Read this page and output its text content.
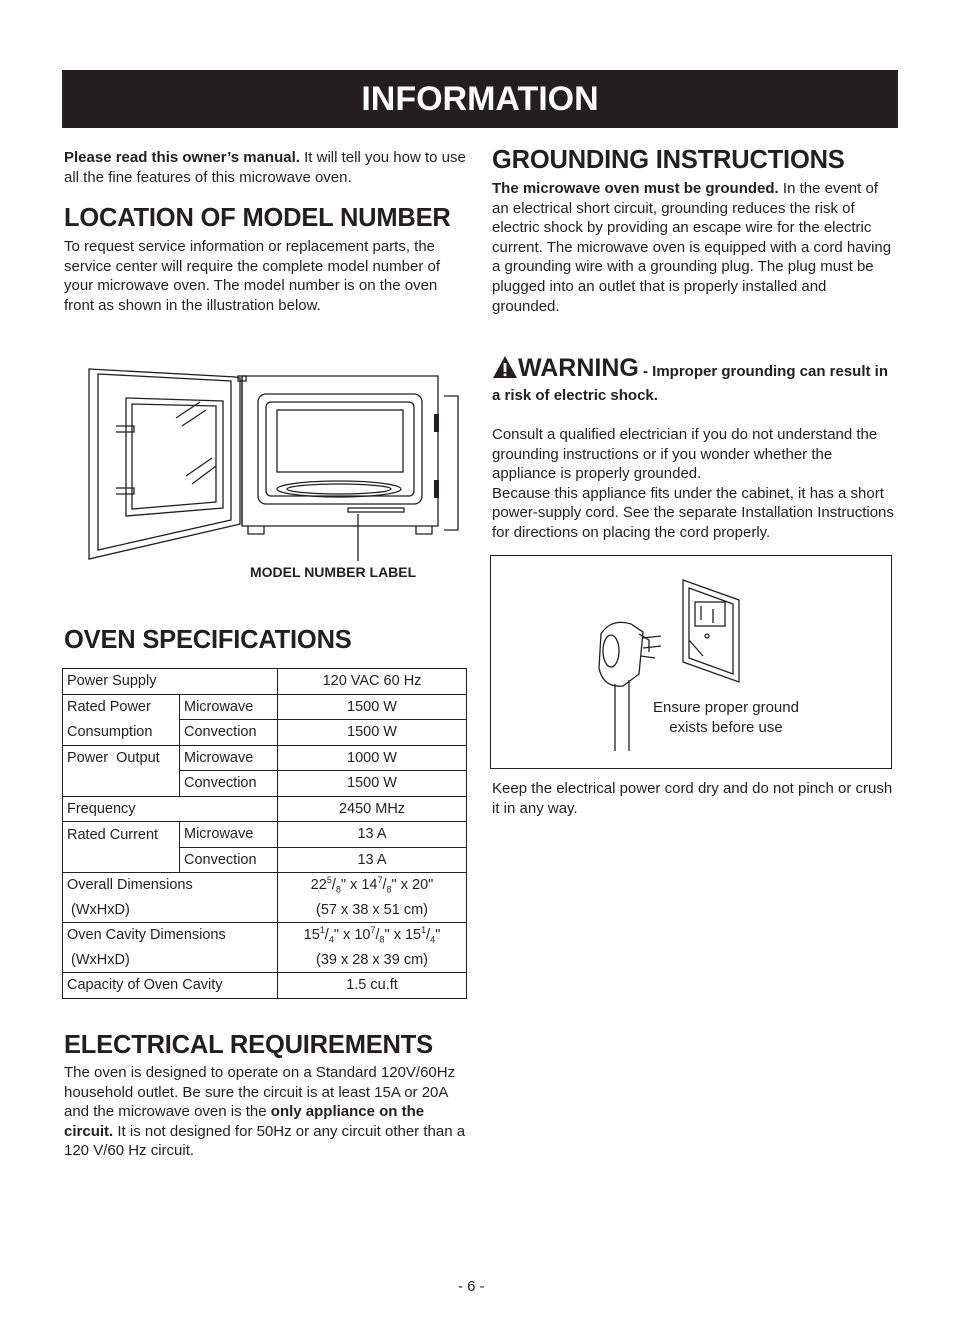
INFORMATION

Please read this owner’s manual. It will tell you how to use all the fine features of this microwave oven.

LOCATION OF MODEL NUMBER

To request service information or replacement parts, the service center will require the complete model number of your microwave oven. The model number is on the oven front as shown in the illustration below.

MODEL NUMBER LABEL
OVEN SPECIFICATIONS
Power Supply		120 VAC 60 Hz
Rated Power	Microwave	1500 W
Consumption	Convection	1500 W
Power  Output	Microwave	1000 W
	Convection	1500 W
Frequency		2450 MHz
Rated Current	Microwave	13 A
	Convection	13 A
Overall Dimensions		$22^5/_8$" x $14^7/_8$" x 20"
(WxHxD)		(57 x 38 x 51 cm)
Oven Cavity Dimensions		$15^1/_4$" x $10^7/_8$" x $15^1/_4$"
(WxHxD)		(39 x 28 x 39 cm)
Capacity of Oven Cavity		1.5 cu.ft
ELECTRICAL REQUIREMENTS

The oven is designed to operate on a Standard 120V/60Hz household outlet. Be sure the circuit is at least 15A or 20A and the microwave oven is the only appliance on the circuit. It is not designed for 50Hz or any circuit other than a 120 V/60 Hz circuit.

GROUNDING INSTRUCTIONS

The microwave oven must be grounded. In the event of an electrical short circuit, grounding reduces the risk of electric shock by providing an escape wire for the electric current. The microwave oven is equipped with a cord having a grounding wire with a grounding plug. The plug must be plugged into an outlet that is properly installed and

grounded.

WARNING - Improper grounding can result in a risk of electric shock.

Consult a qualified electrician if you do not understand the grounding instructions or if you wonder whether the appliance is properly grounded.

Because this appliance fits under the cabinet, it has a short power-supply cord. See the separate Installation Instructions for directions on placing the cord properly.

Ensure proper ground
exists before use

Keep the electrical power cord dry and do not pinch or crush it in any way.

- 6 -
